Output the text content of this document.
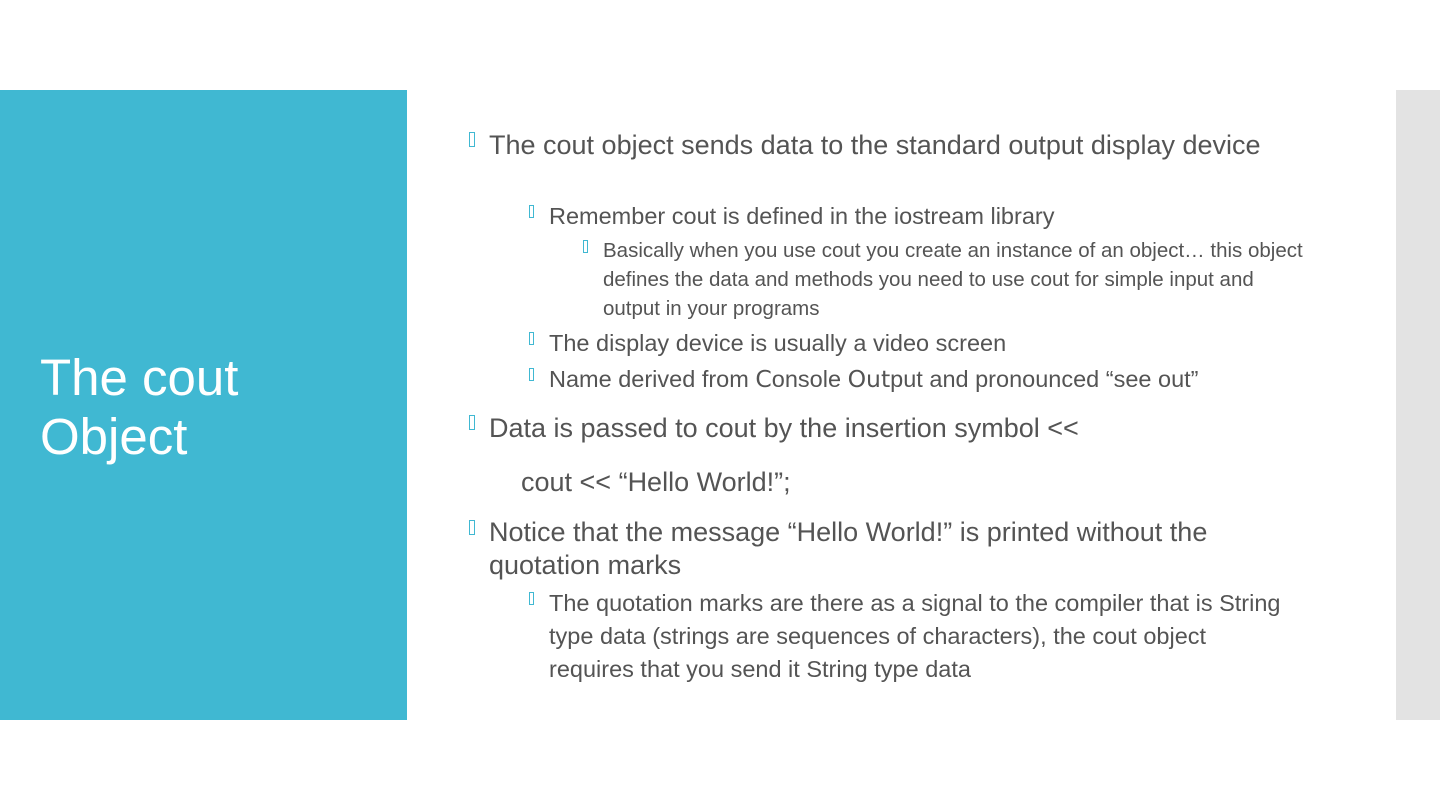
The cout
Object

The cout object sends data to the standard output display device

Remember cout is defined in the iostream library

Basically when you use cout you create an instance of an object… this object defines the data and methods you need to use cout for simple input and output in your programs

The display device is usually a video screen

Name derived from Console Output and pronounced “see out”

Data is passed to cout by the insertion symbol <<

cout << “Hello World!”;

Notice that the message “Hello World!” is printed without the quotation marks

The quotation marks are there as a signal to the compiler that is String type data (strings are sequences of characters), the cout object requires that you send it String type data
